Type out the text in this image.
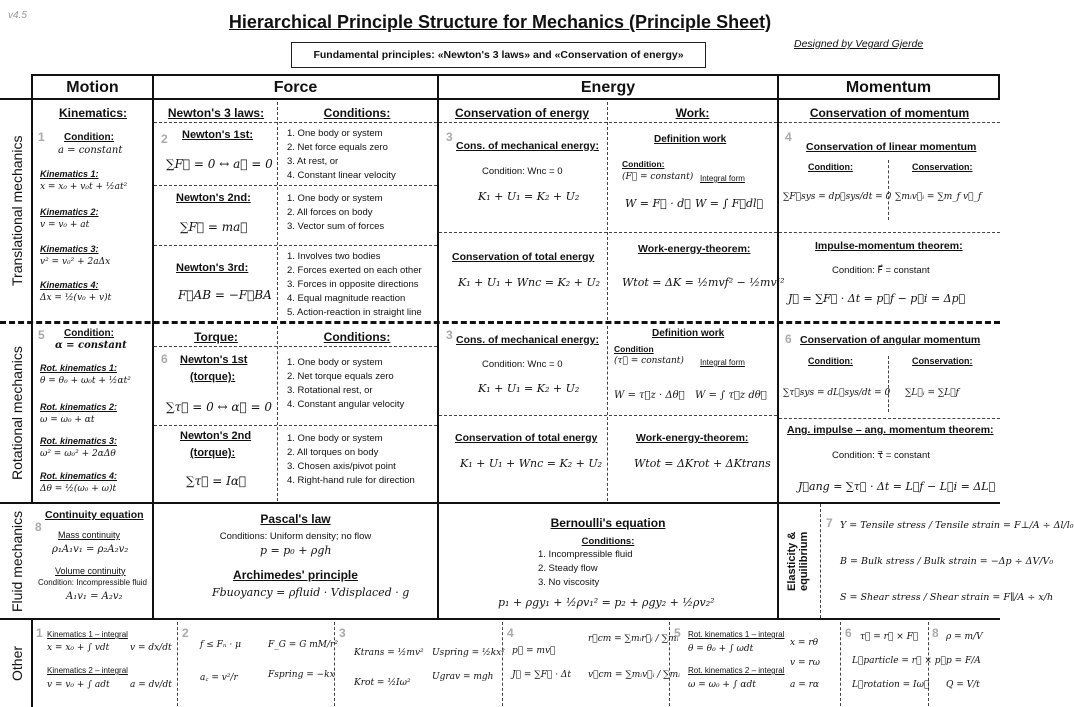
v4.5	Hierarchical Principle Structure for Mechanics (Principle Sheet)
Fundamental principles: «Newton's 3 laws» and «Conservation of energy»
Designed by Vegard Gjerde
Motion	Force	Energy	Momentum
Translational mechanics
Rotational mechanics
Fluid mechanics
Other
Kinematics:
1 Condition:
a = constant
Kinematics 1:
x = x₀ + v₀t + ½at²
Kinematics 2:
v = v₀ + at
Kinematics 3:
v² = v₀² + 2aΔx
Kinematics 4:
Δx = ½(v₀ + v)t
Newton's 3 laws:	Conditions:
2 Newton's 1st:
∑F⃗ = 0 ↔ a⃗ = 0
1. One body or system
2. Net force equals zero
3. At rest, or
4. Constant linear velocity
Newton's 2nd:
∑F⃗ = ma⃗
1. One body or system
2. All forces on body
3. Vector sum of forces
Newton's 3rd:
F⃗AB = −F⃗BA
1. Involves two bodies
2. Forces exerted on each other
3. Forces in opposite directions
4. Equal magnitude reaction
5. Action-reaction in straight line
Conservation of energy	Work:
3
Cons. of mechanical energy:
Condition: Wnc = 0
K₁ + U₁ = K₂ + U₂
Definition work
Condition:
(F⃗ = constant) Integral form
W = F⃗ · d⃗ W = ∫ F⃗dl⃗
Conservation of total energy
K₁ + U₁ + Wnc = K₂ + U₂
Work-energy-theorem:
Wtot = ΔK = ½mvf² − ½mvi²
Conservation of momentum
4
Conservation of linear momentum
Condition:	Conservation:
∑F⃗sys = dp⃗sys/dt = 0 ∑mᵢv⃗ᵢ = ∑m_f v⃗_f
Impulse-momentum theorem:
Condition: F⃗ = constant
J⃗ = ∑F⃗ · Δt = p⃗f − p⃗i = Δp⃗
5 Condition:
α = constant
Rot. kinematics 1:
θ = θ₀ + ω₀t + ½αt²
Rot. kinematics 2:
ω = ω₀ + αt
Rot. kinematics 3:
ω² = ω₀² + 2αΔθ
Rot. kinematics 4:
Δθ = ½(ω₀ + ω)t
Torque:	Conditions:
6 Newton's 1st
(torque):
∑τ⃗ = 0 ↔ α⃗ = 0
1. One body or system
2. Net torque equals zero
3. Rotational rest, or
4. Constant angular velocity
Newton's 2nd
(torque):
∑τ⃗ = Iα⃗
1. One body or system
2. All torques on body
3. Chosen axis/pivot point
4. Right-hand rule for direction
3 Cons. of mechanical energy:
Condition: Wnc = 0
K₁ + U₁ = K₂ + U₂
Definition work
Condition
(τ⃗ = constant) Integral form
W = τ⃗z · Δθ⃗ W = ∫ τ⃗z dθ⃗
Conservation of total energy
K₁ + U₁ + Wnc = K₂ + U₂
Work-energy-theorem:
Wtot = ΔKrot + ΔKtrans
6 Conservation of angular momentum
Condition:	Conservation:
∑τ⃗sys = dL⃗sys/dt = 0 ∑L⃗ᵢ = ∑L⃗f
Ang. impulse – ang. momentum theorem:
Condition: τ⃗ = constant
J⃗ang = ∑τ⃗ · Δt = L⃗f − L⃗i = ΔL⃗
8
Continuity equation
Mass continuity
ρ₁A₁v₁ = ρ₂A₂v₂
Volume continuity
Condition: Incompressible fluid
A₁v₁ = A₂v₂
Pascal's law
Conditions: Uniform density; no flow
p = p₀ + ρgh
Archimedes' principle
Fbuoyancy = ρfluid · Vdisplaced · g
Bernoulli's equation
Conditions:
1. Incompressible fluid
2. Steady flow
3. No viscosity
p₁ + ρgy₁ + ½ρv₁² = p₂ + ρgy₂ + ½ρv₂²
Elasticity & equilibrium
7 Y = Tensile stress / Tensile strain = F⊥/A ÷ Δl/l₀
B = Bulk stress / Bulk strain = −Δp ÷ ΔV/V₀
S = Shear stress / Shear strain = F∥/A ÷ x/h
1 Kinematics 1 – integral
x = x₀ + ∫ vdt
Kinematics 2 – integral
v = v₀ + ∫ adt
v = dx/dt
a = dv/dt
2
f ≤ Fₙ · μ
a꜀ = v²/r
F_G = G mM/r²
Fspring = −kx
3
Ktrans = ½mv²
Krot = ½Iω²
Uspring = ½kx²
Ugrav = mgh
4
p⃗ = mv⃗
J⃗ = ∑F⃗ · Δt
r⃗cm = ∑mᵢr⃗ᵢ / ∑mᵢ
v⃗cm = ∑mᵢv⃗ᵢ / ∑mᵢ
5 Rot. kinematics 1 – integral
θ = θ₀ + ∫ ωdt
Rot. kinematics 2 – integral
ω = ω₀ + ∫ αdt
x = rθ
v = rω
a = rα
6 τ⃗ = r⃗ × F⃗
L⃗particle = r⃗ × p⃗
L⃗rotation = Iω⃗
8 ρ = m/V
p = F/A
Q = V/t
